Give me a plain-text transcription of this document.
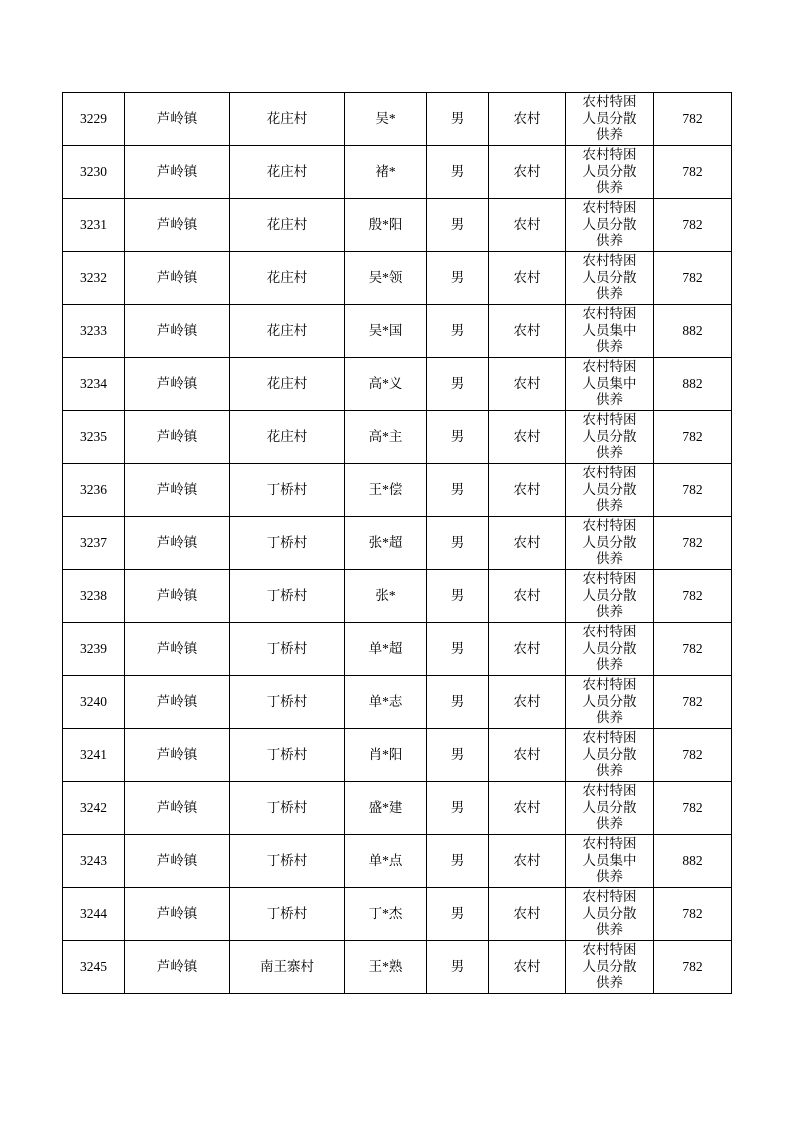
3229	芦岭镇	花庄村	吴*	男	农村	农村特困
人员分散
供养	782
3230	芦岭镇	花庄村	褚*	男	农村	农村特困
人员分散
供养	782
3231	芦岭镇	花庄村	殷*阳	男	农村	农村特困
人员分散
供养	782
3232	芦岭镇	花庄村	吴*领	男	农村	农村特困
人员分散
供养	782
3233	芦岭镇	花庄村	吴*国	男	农村	农村特困
人员集中
供养	882
3234	芦岭镇	花庄村	高*义	男	农村	农村特困
人员集中
供养	882
3235	芦岭镇	花庄村	高*主	男	农村	农村特困
人员分散
供养	782
3236	芦岭镇	丁桥村	王*偿	男	农村	农村特困
人员分散
供养	782
3237	芦岭镇	丁桥村	张*超	男	农村	农村特困
人员分散
供养	782
3238	芦岭镇	丁桥村	张*	男	农村	农村特困
人员分散
供养	782
3239	芦岭镇	丁桥村	单*超	男	农村	农村特困
人员分散
供养	782
3240	芦岭镇	丁桥村	单*志	男	农村	农村特困
人员分散
供养	782
3241	芦岭镇	丁桥村	肖*阳	男	农村	农村特困
人员分散
供养	782
3242	芦岭镇	丁桥村	盛*建	男	农村	农村特困
人员分散
供养	782
3243	芦岭镇	丁桥村	单*点	男	农村	农村特困
人员集中
供养	882
3244	芦岭镇	丁桥村	丁*杰	男	农村	农村特困
人员分散
供养	782
3245	芦岭镇	南王寨村	王*熟	男	农村	农村特困
人员分散
供养	782
